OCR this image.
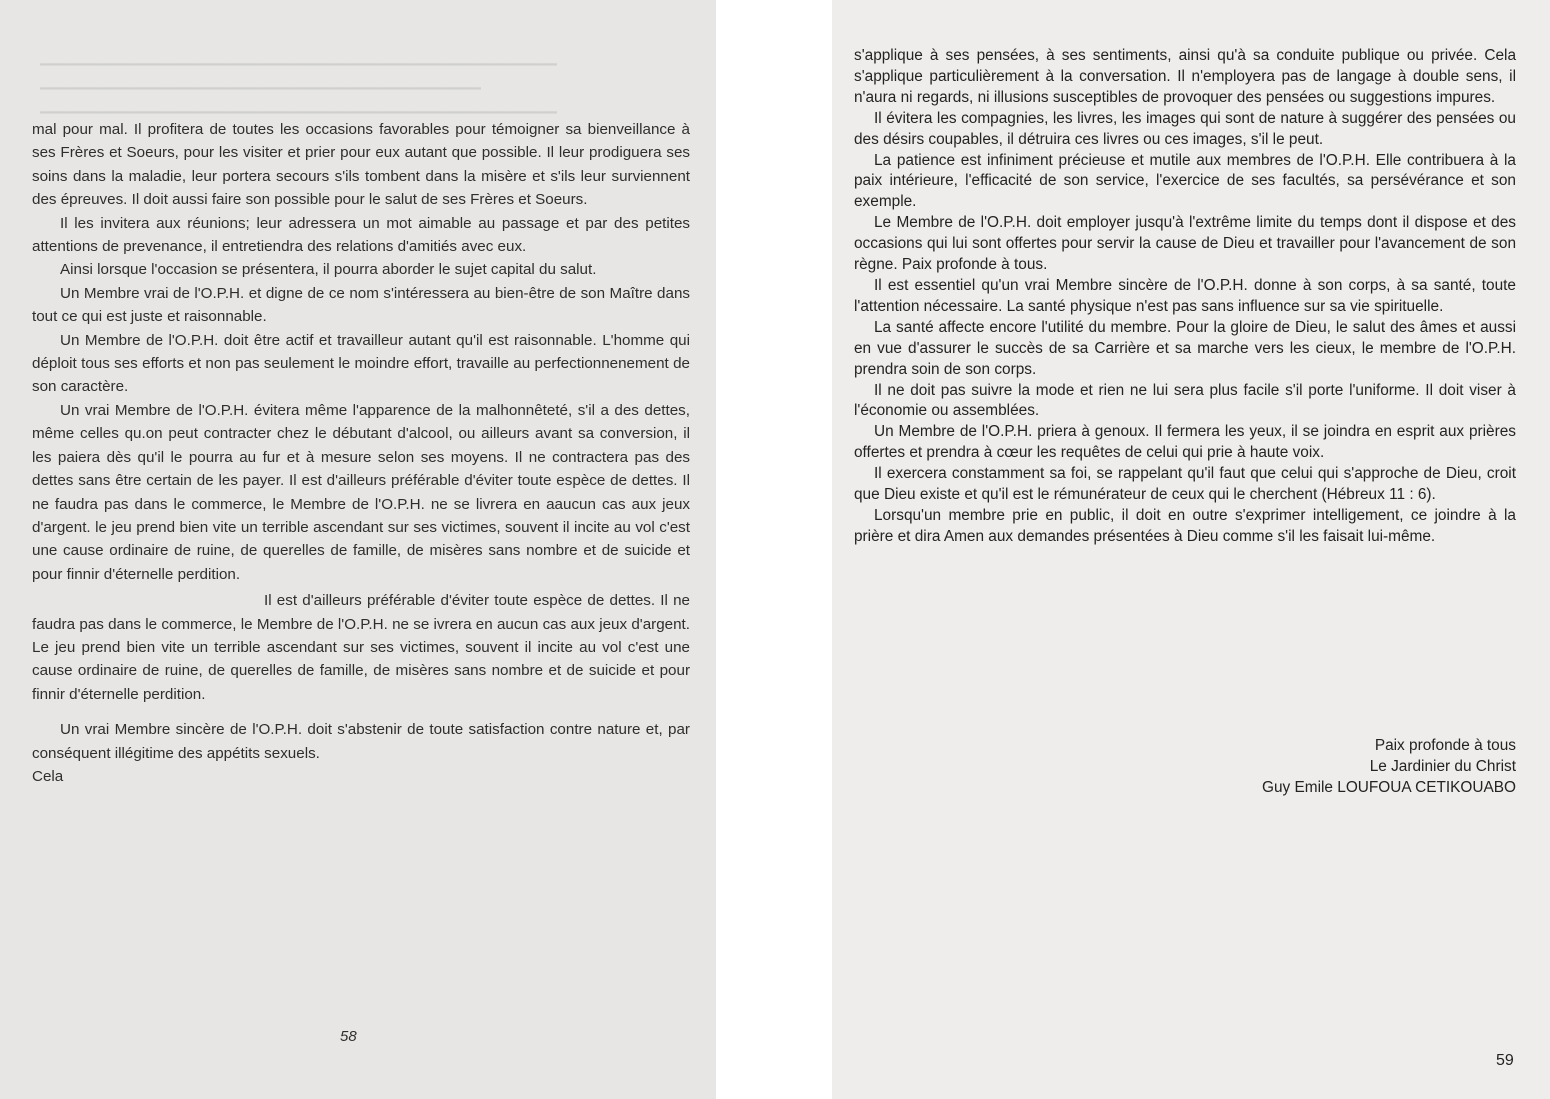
▁▁▁▁▁▁▁▁▁▁▁▁▁▁▁▁▁▁▁▁▁▁▁▁▁▁▁▁▁▁▁▁▁▁▁▁▁▁▁▁▁▁▁▁▁▁▁▁
▁▁▁▁▁▁▁▁▁▁▁▁▁▁▁▁▁▁▁▁▁▁▁▁▁▁▁▁▁▁▁▁▁▁▁▁▁▁▁▁▁
▁▁▁▁▁▁▁▁▁▁▁▁▁▁▁▁▁▁▁▁▁▁▁▁▁▁▁▁▁▁▁▁▁▁▁▁▁▁▁▁▁▁▁▁▁▁▁▁

mal pour mal. Il profitera de toutes les occasions favorables pour témoigner sa bienveillance à ses Frères et Soeurs, pour les visiter et prier pour eux autant que possible. Il leur prodiguera ses soins dans la maladie, leur portera secours s'ils tombent dans la misère et s'ils leur surviennent des épreuves. Il doit aussi faire son possible pour le salut de ses Frères et Soeurs.

Il les invitera aux réunions; leur adressera un mot aimable au passage et par des petites attentions de prevenance, il entretiendra des relations d'amitiés avec eux.

Ainsi lorsque l'occasion se présentera, il pourra aborder le sujet capital du salut.

Un Membre vrai de l'O.P.H. et digne de ce nom s'intéressera au bien-être de son Maître dans tout ce qui est juste et raisonnable.

Un Membre de l'O.P.H. doit être actif et travailleur autant qu'il est raisonnable. L'homme qui déploit tous ses efforts et non pas seulement le moindre effort, travaille au perfectionnenement de son caractère.

Un vrai Membre de l'O.P.H. évitera même l'apparence de la malhonnêteté, s'il a des dettes, même celles qu.on peut contracter chez le débutant d'alcool, ou ailleurs avant sa conversion, il les paiera dès qu'il le pourra au fur et à mesure selon ses moyens. Il ne contractera pas des dettes sans être certain de les payer. Il est d'ailleurs préférable d'éviter toute espèce de dettes. Il ne faudra pas dans le commerce, le Membre de l'O.P.H. ne se livrera en aaucun cas aux jeux d'argent. le jeu prend bien vite un terrible ascendant sur ses victimes, souvent il incite au vol c'est une cause ordinaire de ruine, de querelles de famille, de misères sans nombre et de suicide et pour finnir d'éternelle perdition.

Il est d'ailleurs préférable d'éviter toute espèce de dettes. Il ne faudra pas dans le commerce, le Membre de l'O.P.H. ne se ivrera en aucun cas aux jeux d'argent. Le jeu prend bien vite un terrible ascendant sur ses victimes, souvent il incite au vol c'est une cause ordinaire de ruine, de querelles de famille, de misères sans nombre et de suicide et pour finnir d'éternelle perdition.

Un vrai Membre sincère de l'O.P.H. doit s'abstenir de toute satisfaction contre nature et, par conséquent illégitime des appétits sexuels.

Cela

58

s'applique à ses pensées, à ses sentiments, ainsi qu'à sa conduite publique ou privée. Cela s'applique particulièrement à la conversation. Il n'employera pas de langage à double sens, il n'aura ni regards, ni illusions susceptibles de provoquer des pensées ou suggestions impures.

Il évitera les compagnies, les livres, les images qui sont de nature à suggérer des pensées ou des désirs coupables, il détruira ces livres ou ces images, s'il le peut.

La patience est infiniment précieuse et mutile aux membres de l'O.P.H. Elle contribuera à la paix intérieure, l'efficacité de son service, l'exercice de ses facultés, sa persévérance et son exemple.

Le Membre de l'O.P.H. doit employer jusqu'à l'extrême limite du temps dont il dispose et des occasions qui lui sont offertes pour servir la cause de Dieu et travailler pour l'avancement de son règne. Paix profonde à tous.

Il est essentiel qu'un vrai Membre sincère de l'O.P.H. donne à son corps, à sa santé, toute l'attention nécessaire. La santé physique n'est pas sans influence sur sa vie spirituelle.

La santé affecte encore l'utilité du membre. Pour la gloire de Dieu, le salut des âmes et aussi en vue d'assurer le succès de sa Carrière et sa marche vers les cieux, le membre de l'O.P.H. prendra soin de son corps.

Il ne doit pas suivre la mode et rien ne lui sera plus facile s'il porte l'uniforme. Il doit viser à l'économie ou assemblées.

Un Membre de l'O.P.H. priera à genoux. Il fermera les yeux, il se joindra en esprit aux prières offertes et prendra à cœur les requêtes de celui qui prie à haute voix.

Il exercera constamment sa foi, se rappelant qu'il faut que celui qui s'approche de Dieu, croit que Dieu existe et qu'il est le rémunérateur de ceux qui le cherchent (Hébreux 11 : 6).

Lorsqu'un membre prie en public, il doit en outre s'exprimer intelligement, ce joindre à la prière et dira Amen aux demandes présentées à Dieu comme s'il les faisait lui-même.

Paix profonde à tous
Le Jardinier du Christ
Guy Emile LOUFOUA CETIKOUABO
59
